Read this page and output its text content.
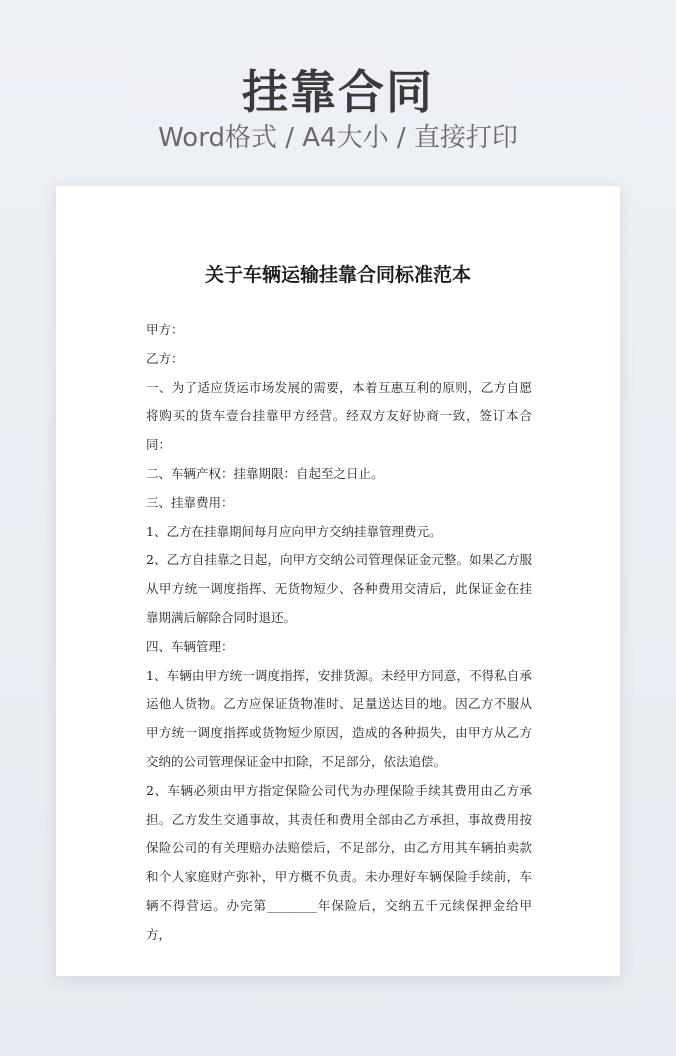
挂靠合同
Word格式 / A4大小 / 直接打印
关于车辆运输挂靠合同标准范本

甲方：

乙方：

一、为了适应货运市场发展的需要，本着互惠互利的原则，乙方自愿将购买的货车壹台挂靠甲方经营。经双方友好协商一致，签订本合同：

二、车辆产权：挂靠期限：自起至之日止。

三、挂靠费用：

1、乙方在挂靠期间每月应向甲方交纳挂靠管理费元。

2、乙方自挂靠之日起，向甲方交纳公司管理保证金元整。如果乙方服从甲方统一调度指挥、无货物短少、各种费用交清后，此保证金在挂靠期满后解除合同时退还。

四、车辆管理：

1、车辆由甲方统一调度指挥，安排货源。未经甲方同意，不得私自承运他人货物。乙方应保证货物准时、足量送达目的地。因乙方不服从甲方统一调度指挥或货物短少原因，造成的各种损失，由甲方从乙方交纳的公司管理保证金中扣除，不足部分，依法追偿。

2、车辆必须由甲方指定保险公司代为办理保险手续其费用由乙方承担。乙方发生交通事故，其责任和费用全部由乙方承担，事故费用按保险公司的有关理赔办法赔偿后，不足部分，由乙方用其车辆拍卖款和个人家庭财产弥补，甲方概不负责。未办理好车辆保险手续前，车辆不得营运。办完第________年保险后，交纳五千元续保押金给甲方，
